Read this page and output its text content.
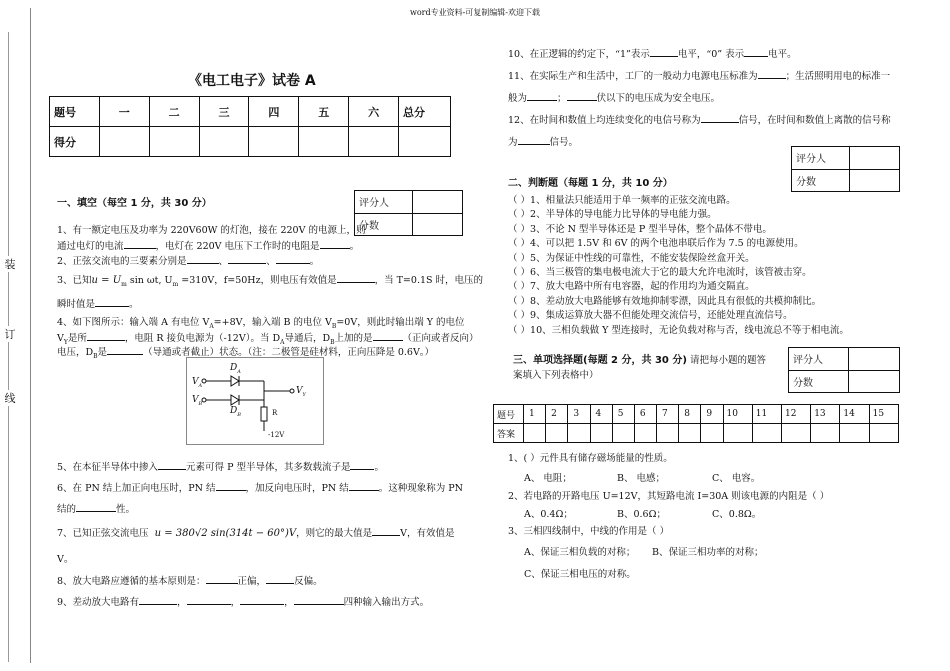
装
订
线
word专业资料-可复制编辑-欢迎下载
《电工电子》试卷 A
题号	一	二	三	四	五	六	总分
得分							
评分人	
分数	
一、填空（每空 1 分，共 30 分）
1、有一额定电压及功率为 220V60W 的灯泡，接在 220V 的电源上，则
通过电灯的电流	，电灯在 220V 电压下工作时的电阻是	。
2、正弦交流电的三要素分别是	、	、	。
3、已知$u = U_m$ sin ωt, $U_m =310V$，f=50Hz，则电压有效值是	，当 T=0.1S 时，电压的
瞬时值是	。
4、如下图所示：输入端 A 有电位 $V_A=+8V$，输入端 B 的电位 $V_B=0V$，则此时输出端 Y 的电位
$V_Y$是所	，电阻 R 接负电源为（-12V）。当 $D_A$导通后，$D_B$上加的是	（正向或者反向）
电压，$D_B$是	（导通或者截止）状态。（注：二极管是硅材料，正向压降是 0.6V。）
$D_A$
$D_B$
$V_A$
$V_B$
$V_Y$
R
-12V
5、在本征半导体中掺入	元素可得 P 型半导体，其多数载流子是	。
6、在 PN 结上加正向电压时，PN 结	，加反向电压时，PN 结	。这种现象称为 PN
结的	性。
7、已知正弦交流电压 u = 380√2 sin(314t − 60°)V，则它的最大值是	V，有效值是
V。
8、放大电路应遵循的基本原则是：	正偏，	反偏。
9、差动放大电路有	，	，	，	四种输入输出方式。
10、在正逻辑的约定下，“1”表示	电平，“0” 表示	电平。
11、在实际生产和生活中，工厂的一般动力电源电压标准为	；生活照明用电的标准一
般为	；	伏以下的电压成为安全电压。
12、在时间和数值上均连续变化的电信号称为	信号，在时间和数值上离散的信号称
为	信号。
评分人	
分数	
二、判断题（每题 1 分，共 10 分）
（ ）1、相量法只能适用于单一频率的正弦交流电路。
（ ）2、半导体的导电能力比导体的导电能力强。
（ ）3、不论 N 型半导体还是 P 型半导体，整个晶体不带电。
（ ）4、可以把 1.5V 和 6V 的两个电池串联后作为 7.5 的电源使用。
（ ）5、为保证中性线的可靠性，不能安装保险丝盒开关。
（ ）6、当三极管的集电极电流大于它的最大允许电流时，该管被击穿。
（ ）7、放大电路中所有电容器，起的作用均为通交隔直。
（ ）8、差动放大电路能够有效地抑制零漂，因此具有很低的共模抑制比。
（ ）9、集成运算放大器不但能处理交流信号，还能处理直流信号。
（ ）10、三相负载做 Y 型连接时，无论负载对称与否，线电流总不等于相电流。
评分人	
分数	
三、单项选择题(每题 2 分，共 30 分) 请把每小题的题答
案填入下列表格中）
题号	1	2	3	4	5	6	7	8	9	10	11	12	13	14	15
答案															
1、( ）元件具有储存磁场能量的性质。
A、 电阻；	B、 电感；	C、 电容。
2、若电路的开路电压 U=12V，其短路电流 I=30A 则该电源的内阻是（ ）
A、0.4Ω；	B、0.6Ω；	C、0.8Ω。
3、三相四线制中，中线的作用是（ ）
A、保证三相负载的对称； B、保证三相功率的对称；
C、保证三相电压的对称。
